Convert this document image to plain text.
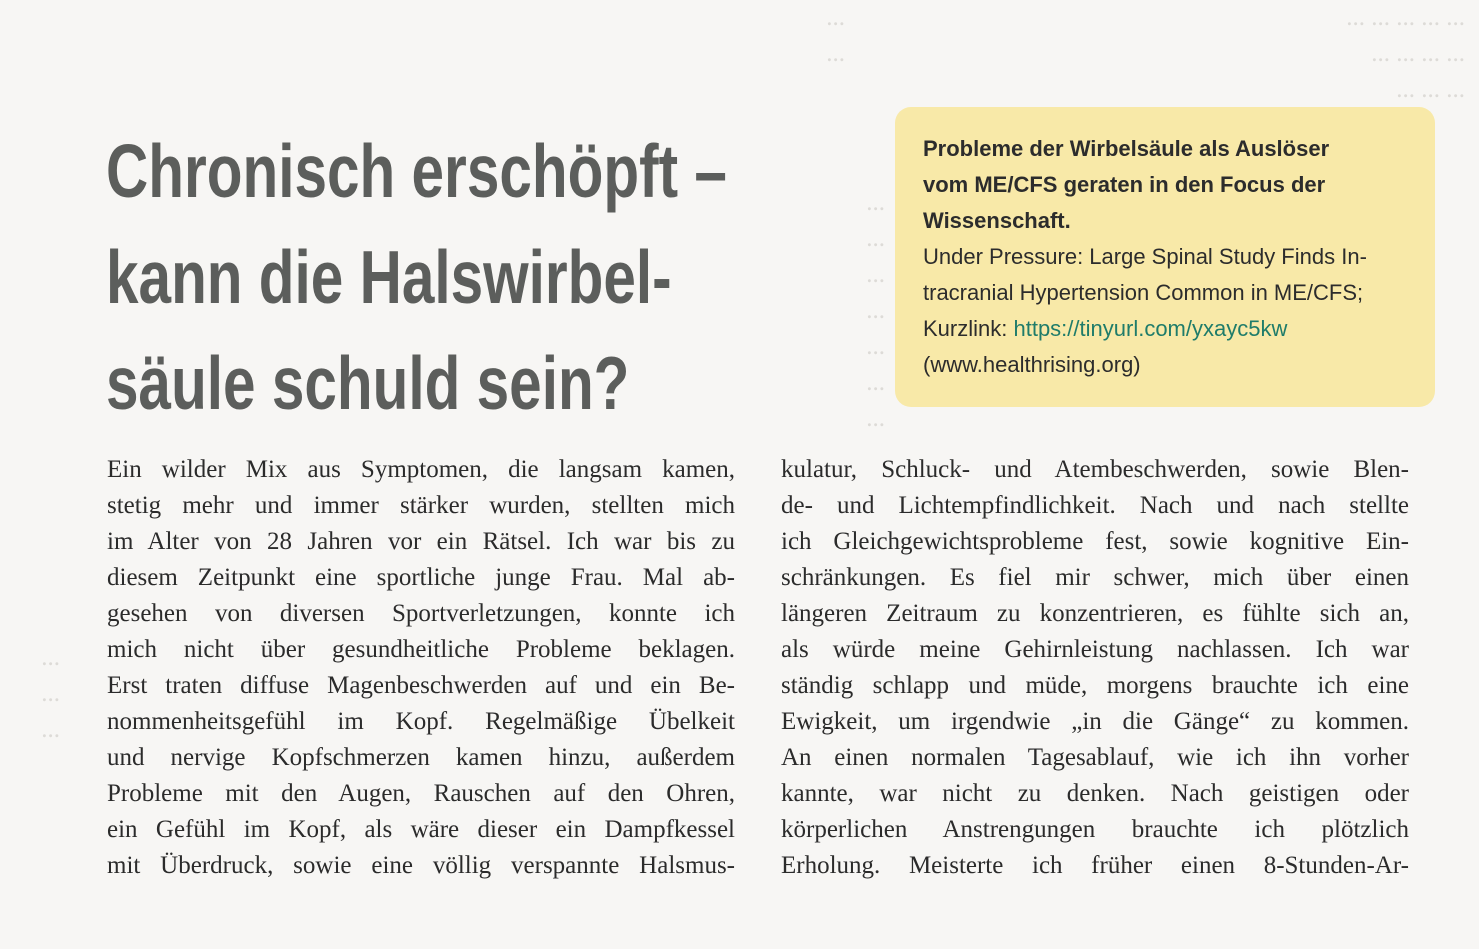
...
...
... ... ... ... ...
... ... ... ...
... ... ...
...
...
...
...
...
...
...
...
...
...
Chronisch erschöpft –
kann die Halswirbel-
säule schuld sein?

Probleme der Wirbelsäule als Auslöser
vom ME/CFS geraten in den Focus der
Wissenschaft.

Under Pressure: Large Spinal Study Finds In-
tracranial Hypertension Common in ME/CFS;
Kurzlink: https://tinyurl.com/yxayc5kw
(www.healthrising.org)

Ein wilder Mix aus Symptomen, die langsam kamen,
stetig mehr und immer stärker wurden, stellten mich
im Alter von 28 Jahren vor ein Rätsel. Ich war bis zu
diesem Zeitpunkt eine sportliche junge Frau. Mal ab-
gesehen von diversen Sportverletzungen, konnte ich
mich nicht über gesundheitliche Probleme beklagen.
Erst traten diffuse Magenbeschwerden auf und ein Be-
nommenheitsgefühl im Kopf. Regelmäßige Übelkeit
und nervige Kopfschmerzen kamen hinzu, außerdem
Probleme mit den Augen, Rauschen auf den Ohren,
ein Gefühl im Kopf, als wäre dieser ein Dampfkessel
mit Überdruck, sowie eine völlig verspannte Halsmus-
kulatur, Schluck- und Atembeschwerden, sowie Blen-
de- und Lichtempfindlichkeit. Nach und nach stellte
ich Gleichgewichtsprobleme fest, sowie kognitive Ein-
schränkungen. Es fiel mir schwer, mich über einen
längeren Zeitraum zu konzentrieren, es fühlte sich an,
als würde meine Gehirnleistung nachlassen. Ich war
ständig schlapp und müde, morgens brauchte ich eine
Ewigkeit, um irgendwie „in die Gänge“ zu kommen.
An einen normalen Tagesablauf, wie ich ihn vorher
kannte, war nicht zu denken. Nach geistigen oder
körperlichen Anstrengungen brauchte ich plötzlich
Erholung. Meisterte ich früher einen 8-Stunden-Ar-
